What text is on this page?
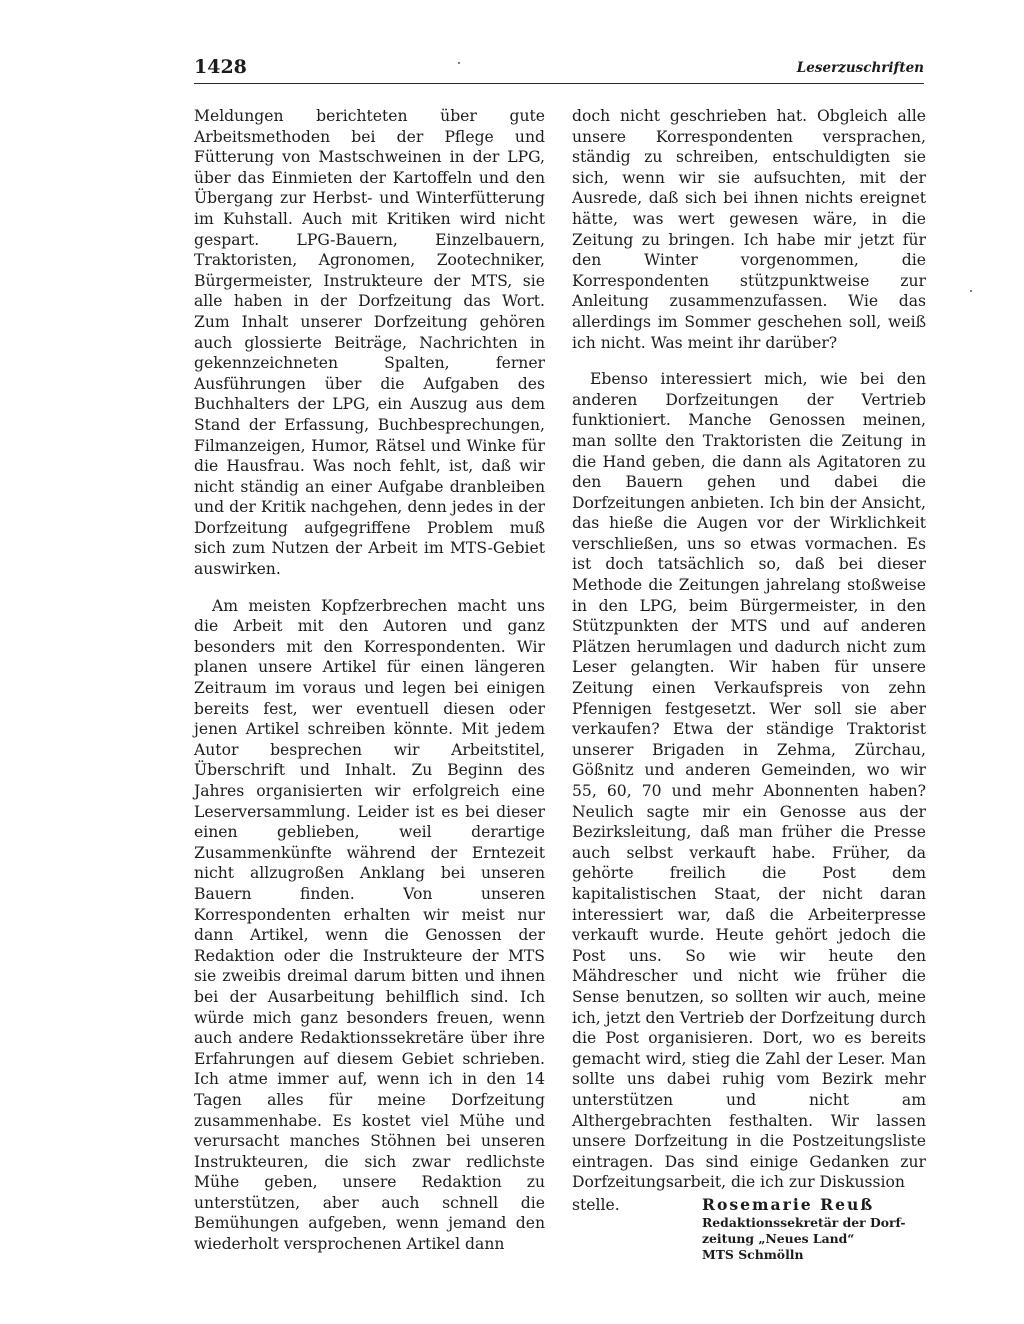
1428	Leserzuschriften

Meldungen berichteten über gute Arbeitsmethoden bei der Pflege und Fütterung von Mastschweinen in der LPG, über das Einmieten der Kartoffeln und den Übergang zur Herbst- und Winterfütterung im Kuhstall. Auch mit Kritiken wird nicht gespart. LPG-Bauern, Einzelbauern, Traktoristen, Agronomen, Zootechniker, Bürgermeister, Instrukteure der MTS, sie alle haben in der Dorfzeitung das Wort. Zum Inhalt unserer Dorfzeitung gehören auch glossierte Beiträge, Nachrichten in gekennzeichneten Spalten, ferner Ausführungen über die Aufgaben des Buchhalters der LPG, ein Auszug aus dem Stand der Erfassung, Buchbesprechungen, Filmanzeigen, Humor, Rätsel und Winke für die Hausfrau. Was noch fehlt, ist, daß wir nicht ständig an einer Aufgabe dranbleiben und der Kritik nachgehen, denn jedes in der Dorfzeitung aufgegriffene Problem muß sich zum Nutzen der Arbeit im MTS-Gebiet auswirken.

Am meisten Kopfzerbrechen macht uns die Arbeit mit den Autoren und ganz besonders mit den Korrespondenten. Wir planen unsere Artikel für einen längeren Zeitraum im voraus und legen bei einigen bereits fest, wer eventuell diesen oder jenen Artikel schreiben könnte. Mit jedem Autor besprechen wir Arbeitstitel, Überschrift und Inhalt. Zu Beginn des Jahres organisierten wir erfolgreich eine Leserversammlung. Leider ist es bei dieser einen geblieben, weil derartige Zusammenkünfte während der Erntezeit nicht allzugroßen Anklang bei unseren Bauern finden. Von unseren Korrespondenten erhalten wir meist nur dann Artikel, wenn die Genossen der Redaktion oder die Instrukteure der MTS sie zweibis dreimal darum bitten und ihnen bei der Ausarbeitung behilflich sind. Ich würde mich ganz besonders freuen, wenn auch andere Redaktionssekretäre über ihre Erfahrungen auf diesem Gebiet schrieben. Ich atme immer auf, wenn ich in den 14 Tagen alles für meine Dorfzeitung zusammenhabe. Es kostet viel Mühe und verursacht manches Stöhnen bei unseren Instrukteuren, die sich zwar redlichste Mühe geben, unsere Redaktion zu unterstützen, aber auch schnell die Bemühungen aufgeben, wenn jemand den wiederholt versprochenen Artikel dann

doch nicht geschrieben hat. Obgleich alle unsere Korrespondenten versprachen, ständig zu schreiben, entschuldigten sie sich, wenn wir sie aufsuchten, mit der Ausrede, daß sich bei ihnen nichts ereignet hätte, was wert gewesen wäre, in die Zeitung zu bringen. Ich habe mir jetzt für den Winter vorgenommen, die Korrespondenten stützpunktweise zur Anleitung zusammenzufassen. Wie das allerdings im Sommer geschehen soll, weiß ich nicht. Was meint ihr darüber?

Ebenso interessiert mich, wie bei den anderen Dorfzeitungen der Vertrieb funktioniert. Manche Genossen meinen, man sollte den Traktoristen die Zeitung in die Hand geben, die dann als Agitatoren zu den Bauern gehen und dabei die Dorfzeitungen anbieten. Ich bin der Ansicht, das hieße die Augen vor der Wirklichkeit verschließen, uns so etwas vormachen. Es ist doch tatsächlich so, daß bei dieser Methode die Zeitungen jahrelang stoßweise in den LPG, beim Bürgermeister, in den Stützpunkten der MTS und auf anderen Plätzen herumlagen und dadurch nicht zum Leser gelangten. Wir haben für unsere Zeitung einen Verkaufspreis von zehn Pfennigen festgesetzt. Wer soll sie aber verkaufen? Etwa der ständige Traktorist unserer Brigaden in Zehma, Zürchau, Gößnitz und anderen Gemeinden, wo wir 55, 60, 70 und mehr Abonnenten haben? Neulich sagte mir ein Genosse aus der Bezirksleitung, daß man früher die Presse auch selbst verkauft habe. Früher, da gehörte freilich die Post dem kapitalistischen Staat, der nicht daran interessiert war, daß die Arbeiterpresse verkauft wurde. Heute gehört jedoch die Post uns. So wie wir heute den Mähdrescher und nicht wie früher die Sense benutzen, so sollten wir auch, meine ich, jetzt den Vertrieb der Dorfzeitung durch die Post organisieren. Dort, wo es bereits gemacht wird, stieg die Zahl der Leser. Man sollte uns dabei ruhig vom Bezirk mehr unterstützen und nicht am Althergebrachten festhalten. Wir lassen unsere Dorfzeitung in die Postzeitungsliste eintragen. Das sind einige Gedanken zur Dorfzeitungsarbeit, die ich zur Diskussion

stelle.	Rosemarie Reuß
Redaktionssekretär der Dorf-
zeitung „Neues Land“
MTS Schmölln
